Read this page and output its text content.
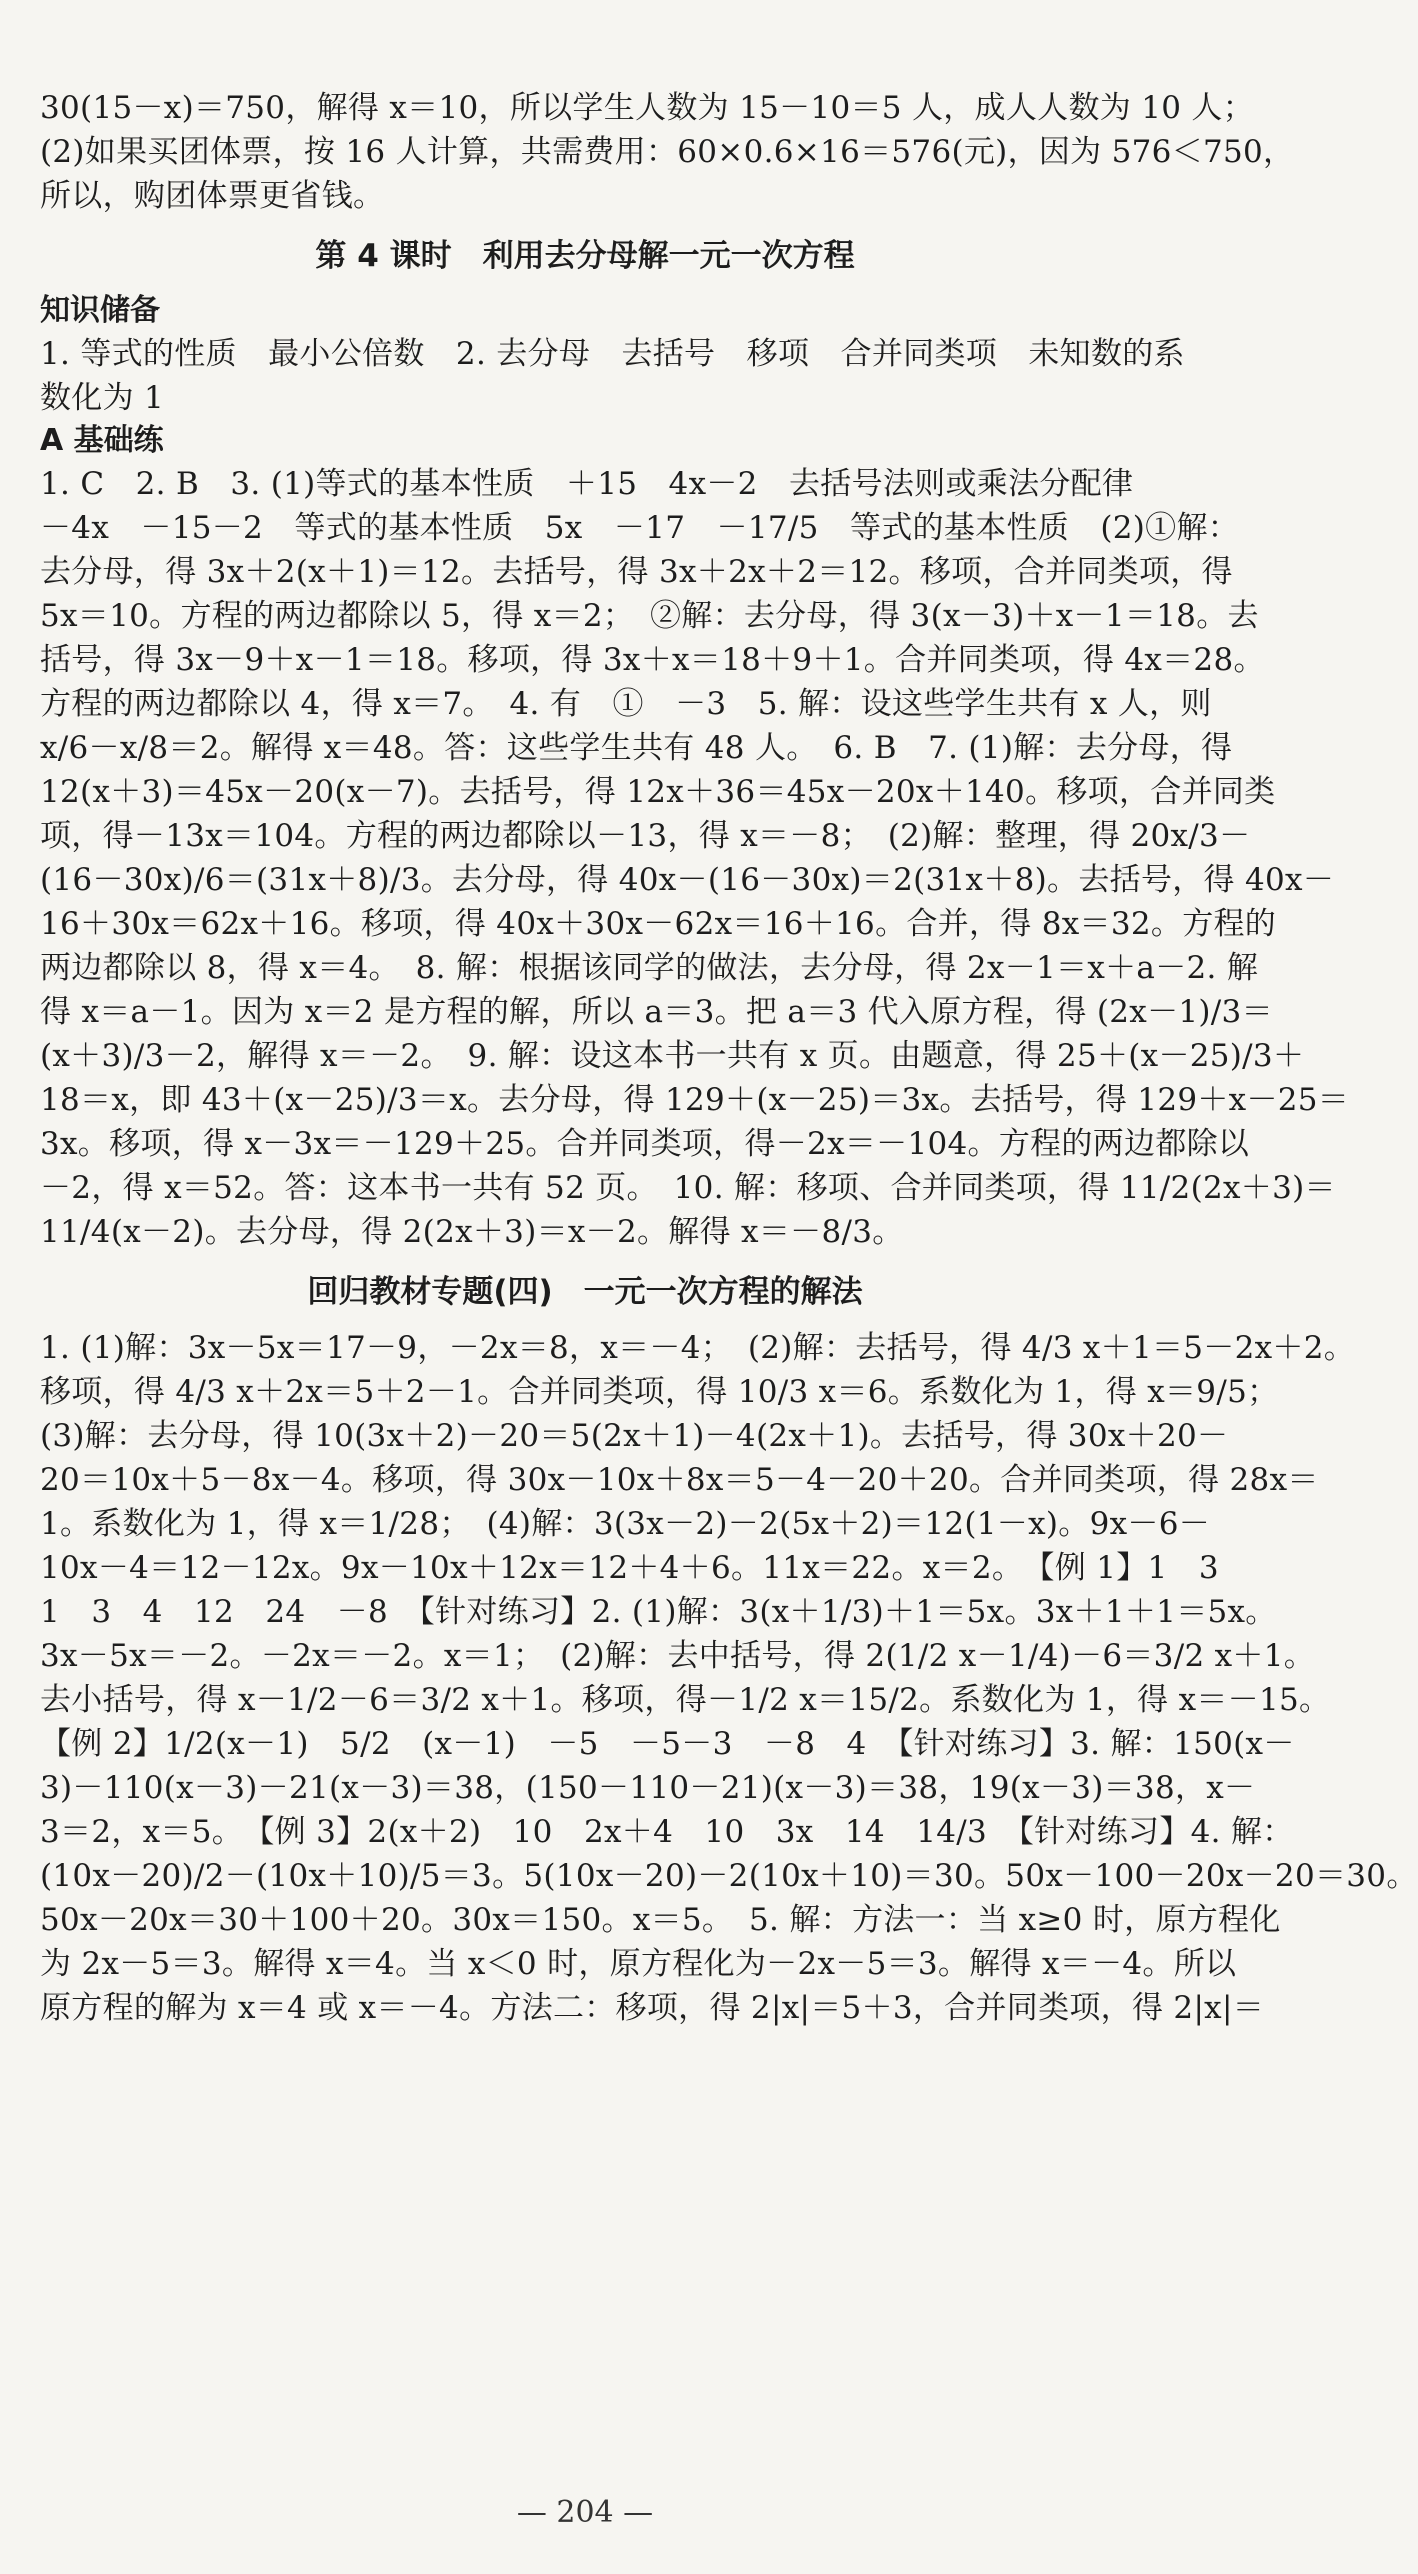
30(15－x)＝750，解得 x＝10，所以学生人数为 15－10＝5 人，成人人数为 10 人；
(2)如果买团体票，按 16 人计算，共需费用：60×0.6×16＝576(元)，因为 576＜750，
所以，购团体票更省钱。
第 4 课时　利用去分母解一元一次方程
知识储备
1. 等式的性质　最小公倍数　2. 去分母　去括号　移项　合并同类项　未知数的系
数化为 1
A 基础练
1. C　2. B　3. (1)等式的基本性质　＋15　4x－2　去括号法则或乘法分配律
－4x　－15－2　等式的基本性质　5x　－17　－17/5　等式的基本性质　(2)①解：
去分母，得 3x＋2(x＋1)＝12。去括号，得 3x＋2x＋2＝12。移项，合并同类项，得
5x＝10。方程的两边都除以 5，得 x＝2；　②解：去分母，得 3(x－3)＋x－1＝18。去
括号，得 3x－9＋x－1＝18。移项，得 3x＋x＝18＋9＋1。合并同类项，得 4x＝28。
方程的两边都除以 4，得 x＝7。　4. 有　①　－3　5. 解：设这些学生共有 x 人，则
x/6－x/8＝2。解得 x＝48。答：这些学生共有 48 人。　6. B　7. (1)解：去分母，得
12(x＋3)＝45x－20(x－7)。去括号，得 12x＋36＝45x－20x＋140。移项，合并同类
项，得－13x＝104。方程的两边都除以－13，得 x＝－8；　(2)解：整理，得 20x/3－
(16－30x)/6＝(31x＋8)/3。去分母，得 40x－(16－30x)＝2(31x＋8)。去括号，得 40x－
16＋30x＝62x＋16。移项，得 40x＋30x－62x＝16＋16。合并，得 8x＝32。方程的
两边都除以 8，得 x＝4。　8. 解：根据该同学的做法，去分母，得 2x－1＝x＋a－2. 解
得 x＝a－1。因为 x＝2 是方程的解，所以 a＝3。把 a＝3 代入原方程，得 (2x－1)/3＝
(x＋3)/3－2，解得 x＝－2。　9. 解：设这本书一共有 x 页。由题意，得 25＋(x－25)/3＋
18＝x，即 43＋(x－25)/3＝x。去分母，得 129＋(x－25)＝3x。去括号，得 129＋x－25＝
3x。移项，得 x－3x＝－129＋25。合并同类项，得－2x＝－104。方程的两边都除以
－2，得 x＝52。答：这本书一共有 52 页。　10. 解：移项、合并同类项，得 11/2(2x＋3)＝
11/4(x－2)。去分母，得 2(2x＋3)＝x－2。解得 x＝－8/3。
回归教材专题(四)　一元一次方程的解法
1. (1)解：3x－5x＝17－9，－2x＝8，x＝－4；　(2)解：去括号，得 4/3 x＋1＝5－2x＋2。
移项，得 4/3 x＋2x＝5＋2－1。合并同类项，得 10/3 x＝6。系数化为 1，得 x＝9/5；
(3)解：去分母，得 10(3x＋2)－20＝5(2x＋1)－4(2x＋1)。去括号，得 30x＋20－
20＝10x＋5－8x－4。移项，得 30x－10x＋8x＝5－4－20＋20。合并同类项，得 28x＝
1。系数化为 1，得 x＝1/28；　(4)解：3(3x－2)－2(5x＋2)＝12(1－x)。9x－6－
10x－4＝12－12x。9x－10x＋12x＝12＋4＋6。11x＝22。x＝2。　【例 1】1　3
1　3　4　12　24　－8　【针对练习】2. (1)解：3(x＋1/3)＋1＝5x。3x＋1＋1＝5x。
3x－5x＝－2。－2x＝－2。x＝1；　(2)解：去中括号，得 2(1/2 x－1/4)－6＝3/2 x＋1。
去小括号，得 x－1/2－6＝3/2 x＋1。移项，得－1/2 x＝15/2。系数化为 1，得 x＝－15。
【例 2】1/2(x－1)　5/2　(x－1)　－5　－5－3　－8　4　【针对练习】3. 解：150(x－
3)－110(x－3)－21(x－3)＝38，(150－110－21)(x－3)＝38，19(x－3)＝38，x－
3＝2，x＝5。　【例 3】2(x＋2)　10　2x＋4　10　3x　14　14/3　【针对练习】4. 解：
(10x－20)/2－(10x＋10)/5＝3。5(10x－20)－2(10x＋10)＝30。50x－100－20x－20＝30。
50x－20x＝30＋100＋20。30x＝150。x＝5。　5. 解：方法一：当 x≥0 时，原方程化
为 2x－5＝3。解得 x＝4。当 x＜0 时，原方程化为－2x－5＝3。解得 x＝－4。所以
原方程的解为 x＝4 或 x＝－4。方法二：移项，得 2|x|＝5＋3，合并同类项，得 2|x|＝
— 204 —
